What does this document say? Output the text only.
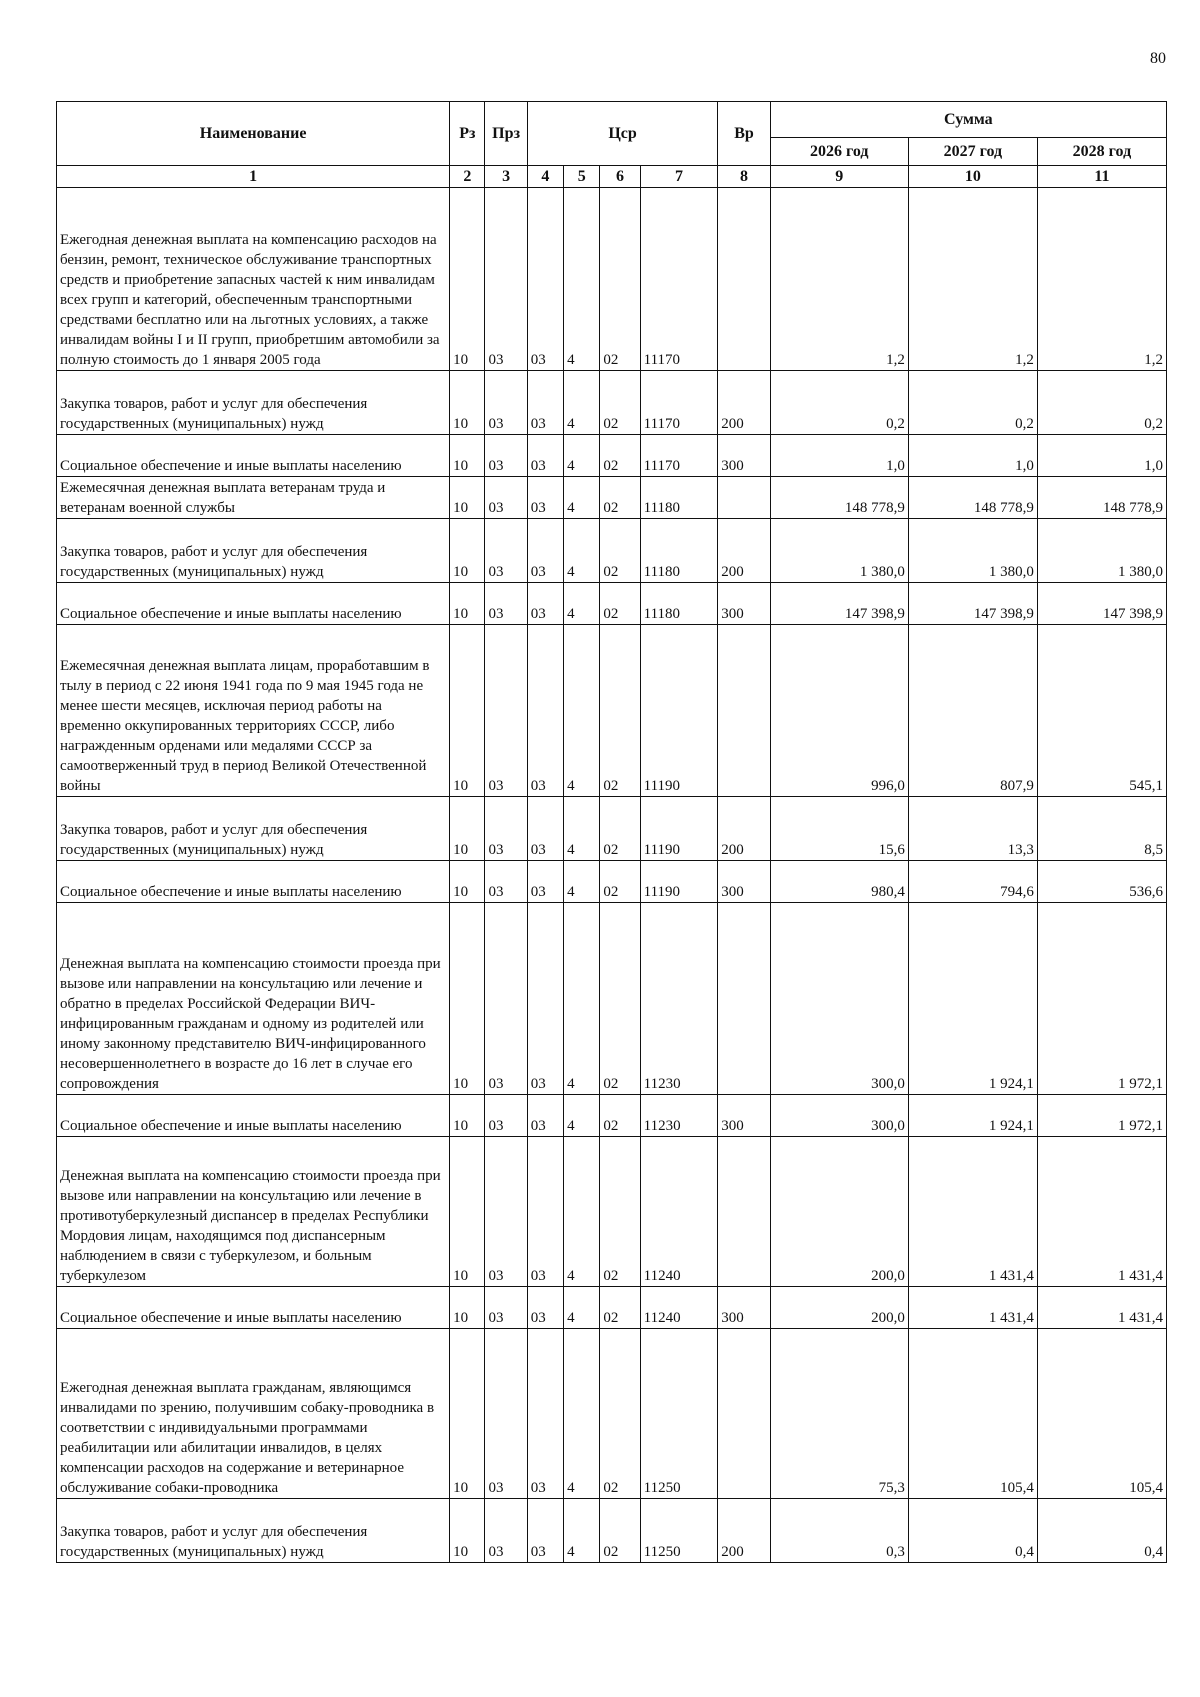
80
Наименование	Рз	Прз	Цср				Вр	Сумма		
								2026 год	2027 год	2028 год
1	2	3	4	5	6	7	8	9	10	11
Ежегодная денежная выплата на компенсацию расходов на бензин, ремонт, техническое обслуживание транспортных средств и приобретение запасных частей к ним инвалидам всех групп и категорий, обеспеченным транспортными средствами бесплатно или на льготных условиях, а также инвалидам войны I и II групп, приобретшим автомобили за полную стоимость до 1 января 2005 года	10	03	03	4	02	11170		1,2	1,2	1,2
Закупка товаров, работ и услуг для обеспечения государственных (муниципальных) нужд	10	03	03	4	02	11170	200	0,2	0,2	0,2
Социальное обеспечение и иные выплаты населению	10	03	03	4	02	11170	300	1,0	1,0	1,0
Ежемесячная денежная выплата ветеранам труда и ветеранам военной службы	10	03	03	4	02	11180		148 778,9	148 778,9	148 778,9
Закупка товаров, работ и услуг для обеспечения государственных (муниципальных) нужд	10	03	03	4	02	11180	200	1 380,0	1 380,0	1 380,0
Социальное обеспечение и иные выплаты населению	10	03	03	4	02	11180	300	147 398,9	147 398,9	147 398,9
Ежемесячная денежная выплата лицам, проработавшим в тылу в период с 22 июня 1941 года по 9 мая 1945 года не менее шести месяцев, исключая период работы на временно оккупированных территориях СССР, либо награжденным орденами или медалями СССР за самоотверженный труд в период Великой Отечественной войны	10	03	03	4	02	11190		996,0	807,9	545,1
Закупка товаров, работ и услуг для обеспечения государственных (муниципальных) нужд	10	03	03	4	02	11190	200	15,6	13,3	8,5
Социальное обеспечение и иные выплаты населению	10	03	03	4	02	11190	300	980,4	794,6	536,6
Денежная выплата на компенсацию стоимости проезда при вызове или направлении на консультацию или лечение и обратно в пределах Российской Федерации ВИЧ-инфицированным гражданам и одному из родителей или иному законному представителю ВИЧ-инфицированного несовершеннолетнего в возрасте до 16 лет в случае его сопровождения	10	03	03	4	02	11230		300,0	1 924,1	1 972,1
Социальное обеспечение и иные выплаты населению	10	03	03	4	02	11230	300	300,0	1 924,1	1 972,1
Денежная выплата на компенсацию стоимости проезда при вызове или направлении на консультацию или лечение в противотуберкулезный диспансер в пределах Республики Мордовия лицам, находящимся под диспансерным наблюдением в связи с туберкулезом, и больным туберкулезом	10	03	03	4	02	11240		200,0	1 431,4	1 431,4
Социальное обеспечение и иные выплаты населению	10	03	03	4	02	11240	300	200,0	1 431,4	1 431,4
Ежегодная денежная выплата гражданам, являющимся инвалидами по зрению, получившим собаку-проводника в соответствии с индивидуальными программами реабилитации или абилитации инвалидов, в целях компенсации расходов на содержание и ветеринарное обслуживание собаки-проводника	10	03	03	4	02	11250		75,3	105,4	105,4
Закупка товаров, работ и услуг для обеспечения государственных (муниципальных) нужд	10	03	03	4	02	11250	200	0,3	0,4	0,4
